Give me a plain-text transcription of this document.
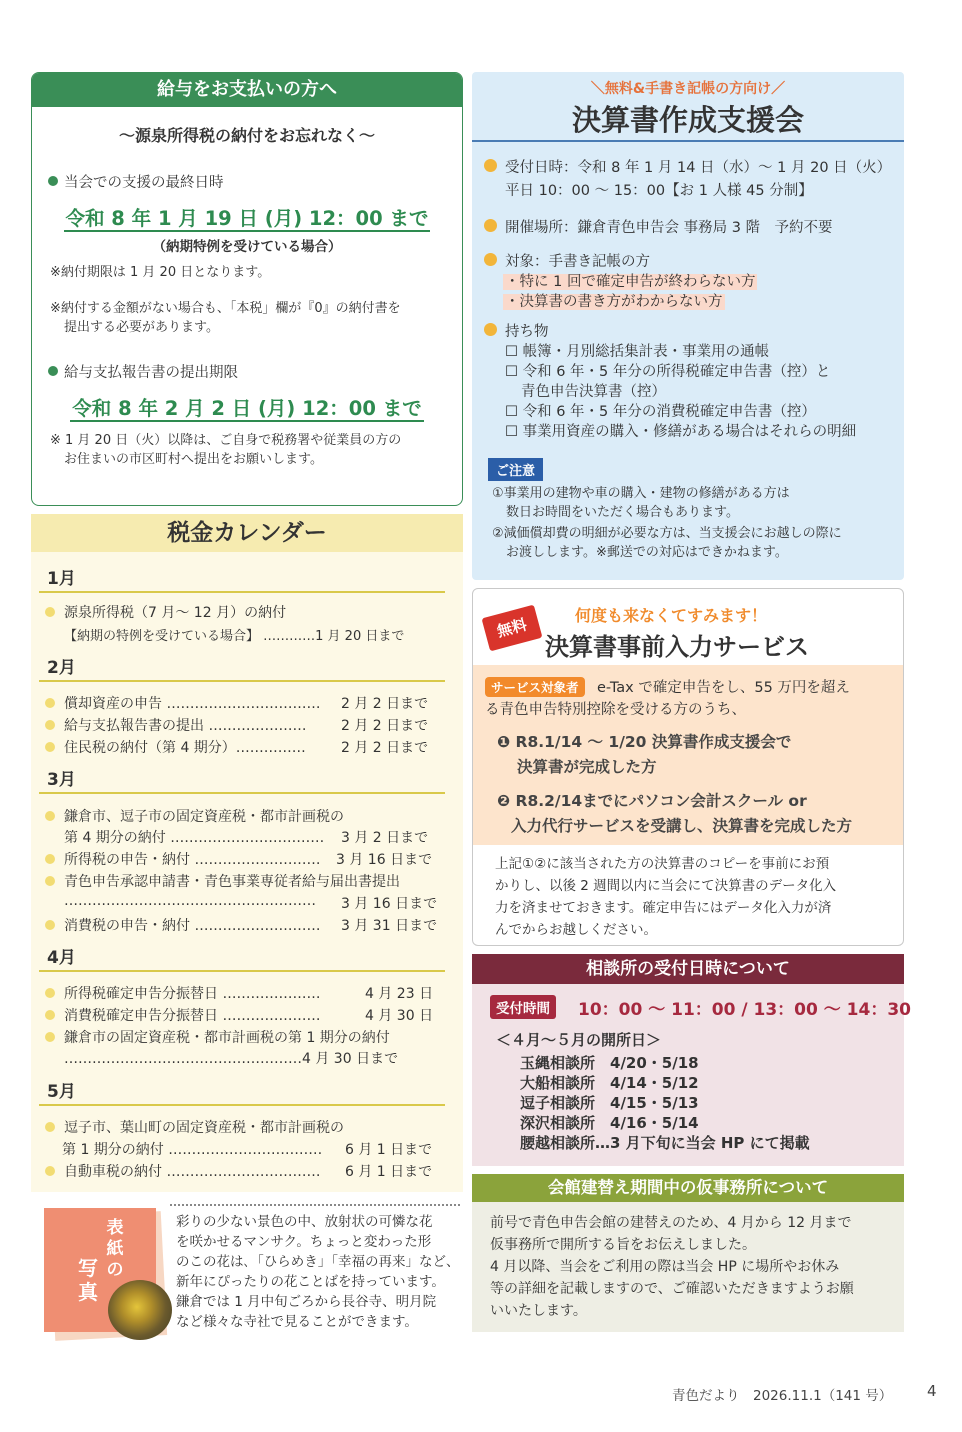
給与をお支払いの方へ
～源泉所得税の納付をお忘れなく～
当会での支援の最終日時
令和 8 年 1 月 19 日 (月) 12：00 まで
（納期特例を受けている場合）
※納付期限は 1 月 20 日となります。
※納付する金額がない場合も、「本税」欄が『0』の納付書を
提出する必要があります。
給与支払報告書の提出期限
令和 8 年 2 月 2 日 (月) 12：00 まで
※ 1 月 20 日（火）以降は、ご自身で税務署や従業員の方の
お住まいの市区町村へ提出をお願いします。
税金カレンダー
1月
源泉所得税（7 月～ 12 月）の納付
【納期の特例を受けている場合】 …………1 月 20 日まで
2月
償却資産の申告 …………………………… 2 月 2 日まで
給与支払報告書の提出 ………………… 2 月 2 日まで
住民税の納付（第 4 期分）……………	2 月 2 日まで
3月
鎌倉市、逗子市の固定資産税・都市計画税の
第 4 期分の納付 …………………………… 3 月 2 日まで
所得税の申告・納付 ……………………… 3 月 16 日まで
青色申告承認申請書・青色事業専従者給与届出書提出
……………………………………………… 3 月 16 日まで
消費税の申告・納付 ……………………… 3 月 31 日まで
4月
所得税確定申告分振替日 …………………	4 月 23 日
消費税確定申告分振替日 …………………	4 月 30 日
鎌倉市の固定資産税・都市計画税の第 1 期分の納付
……………………………………………4 月 30 日まで
5月
逗子市、葉山町の固定資産税・都市計画税の
第 1 期分の納付 …………………………… 6 月 1 日まで
自動車税の納付 …………………………… 6 月 1 日まで
表
紙
の
写
真
彩りの少ない景色の中、放射状の可憐な花
を咲かせるマンサク。ちょっと変わった形
のこの花は､「ひらめき」「幸福の再来」など、
新年にぴったりの花ことばを持っています。
鎌倉では 1 月中旬ごろから長谷寺、明月院
など様々な寺社で見ることができます。
＼無料&手書き記帳の方向け／
決算書作成支援会
受付日時：令和 8 年 1 月 14 日（水）～ 1 月 20 日（火）
平日 10：00 ～ 15：00【お 1 人様 45 分制】
開催場所：鎌倉青色申告会 事務局 3 階　予約不要
対象：手書き記帳の方
・特に 1 回で確定申告が終わらない方
・決算書の書き方がわからない方
持ち物
☐ 帳簿・月別総括集計表・事業用の通帳
☐ 令和 6 年・5 年分の所得税確定申告書（控）と
青色申告決算書（控）
☐ 令和 6 年・5 年分の消費税確定申告書（控）
☐ 事業用資産の購入・修繕がある場合はそれらの明細
ご注意
①事業用の建物や車の購入・建物の修繕がある方は
数日お時間をいただく場合もあります。
②減価償却費の明細が必要な方は、当支援会にお越しの際に
お渡しします。※郵送での対応はできかねます。
無料	何度も来なくてすみます！
決算書事前入力サービス
サービス対象者	e-Tax で確定申告をし、55 万円を超え
る青色申告特別控除を受ける方のうち、
❶ R8.1/14 ～ 1/20 決算書作成支援会で
決算書が完成した方
❷ R8.2/14までにパソコン会計スクール or
入力代行サービスを受講し、決算書を完成した方
上記①②に該当された方の決算書のコピーを事前にお預
かりし、以後 2 週間以内に当会にて決算書のデータ化入
力を済ませておきます。確定申告にはデータ化入力が済
んでからお越しください。
相談所の受付日時について
受付時間	10：00 ～ 11：00 / 13：00 ～ 14：30
＜４月～５月の開所日＞
玉縄相談所　4/20・5/18
大船相談所　4/14・5/12
逗子相談所　4/15・5/13
深沢相談所　4/16・5/14
腰越相談所…3 月下旬に当会 HP にて掲載
会館建替え期間中の仮事務所について
前号で青色申告会館の建替えのため、4 月から 12 月まで
仮事務所で開所する旨をお伝えしました。
4 月以降、当会をご利用の際は当会 HP に場所やお休み
等の詳細を記載しますので、ご確認いただきますようお願
いいたします。
青色だより　2026.11.1（141 号） 4
